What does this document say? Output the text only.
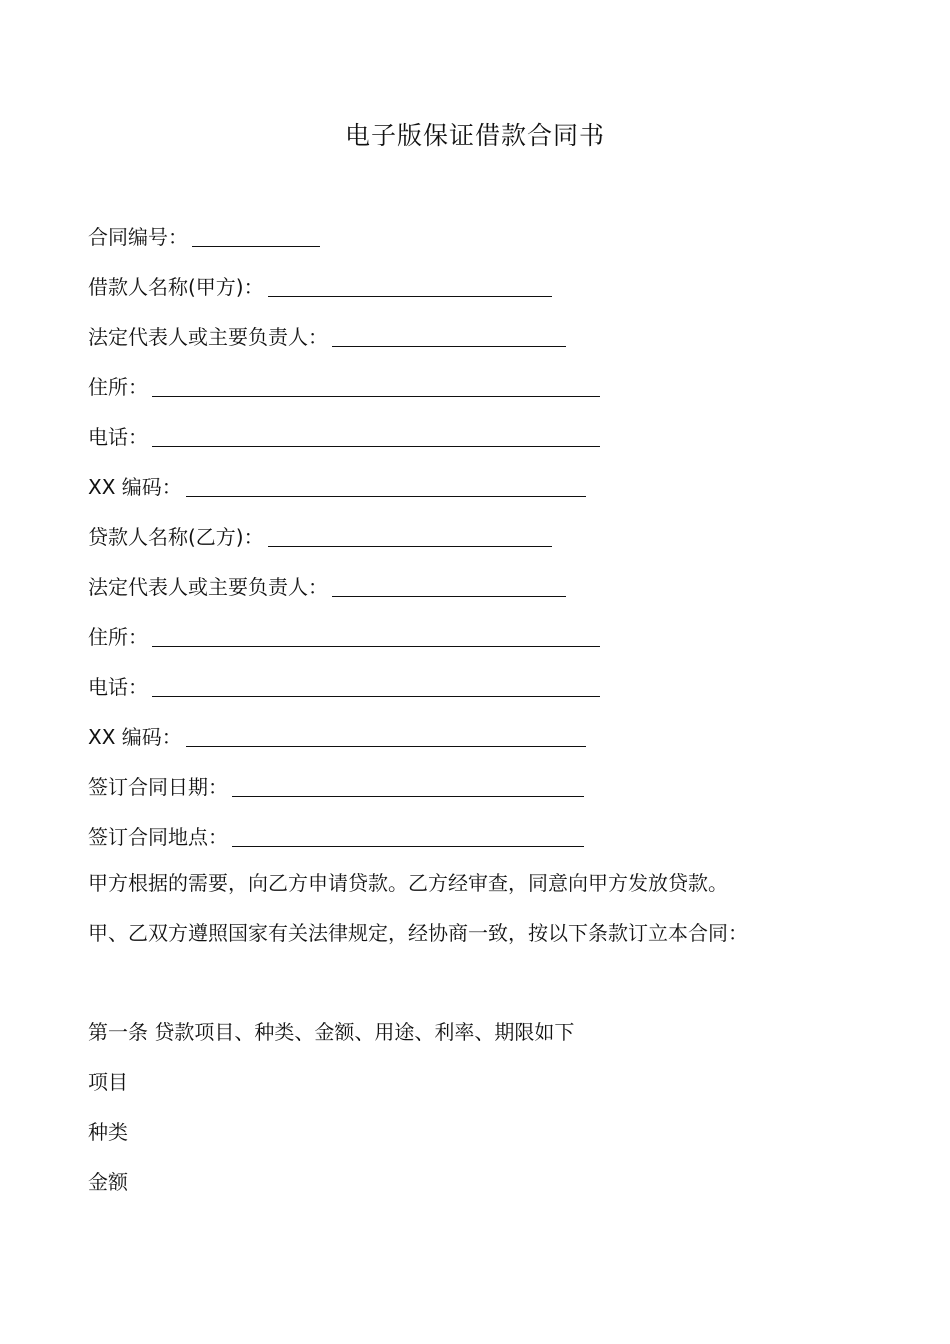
电子版保证借款合同书
合同编号：
借款人名称(甲方)：
法定代表人或主要负责人：
住所：
电话：
XX 编码：
贷款人名称(乙方)：
法定代表人或主要负责人：
住所：
电话：
XX 编码：
签订合同日期：
签订合同地点：
甲方根据的需要，向乙方申请贷款。乙方经审查，同意向甲方发放贷款。
甲、乙双方遵照国家有关法律规定，经协商一致，按以下条款订立本合同：
第一条 贷款项目、种类、金额、用途、利率、期限如下
项目
种类
金额
